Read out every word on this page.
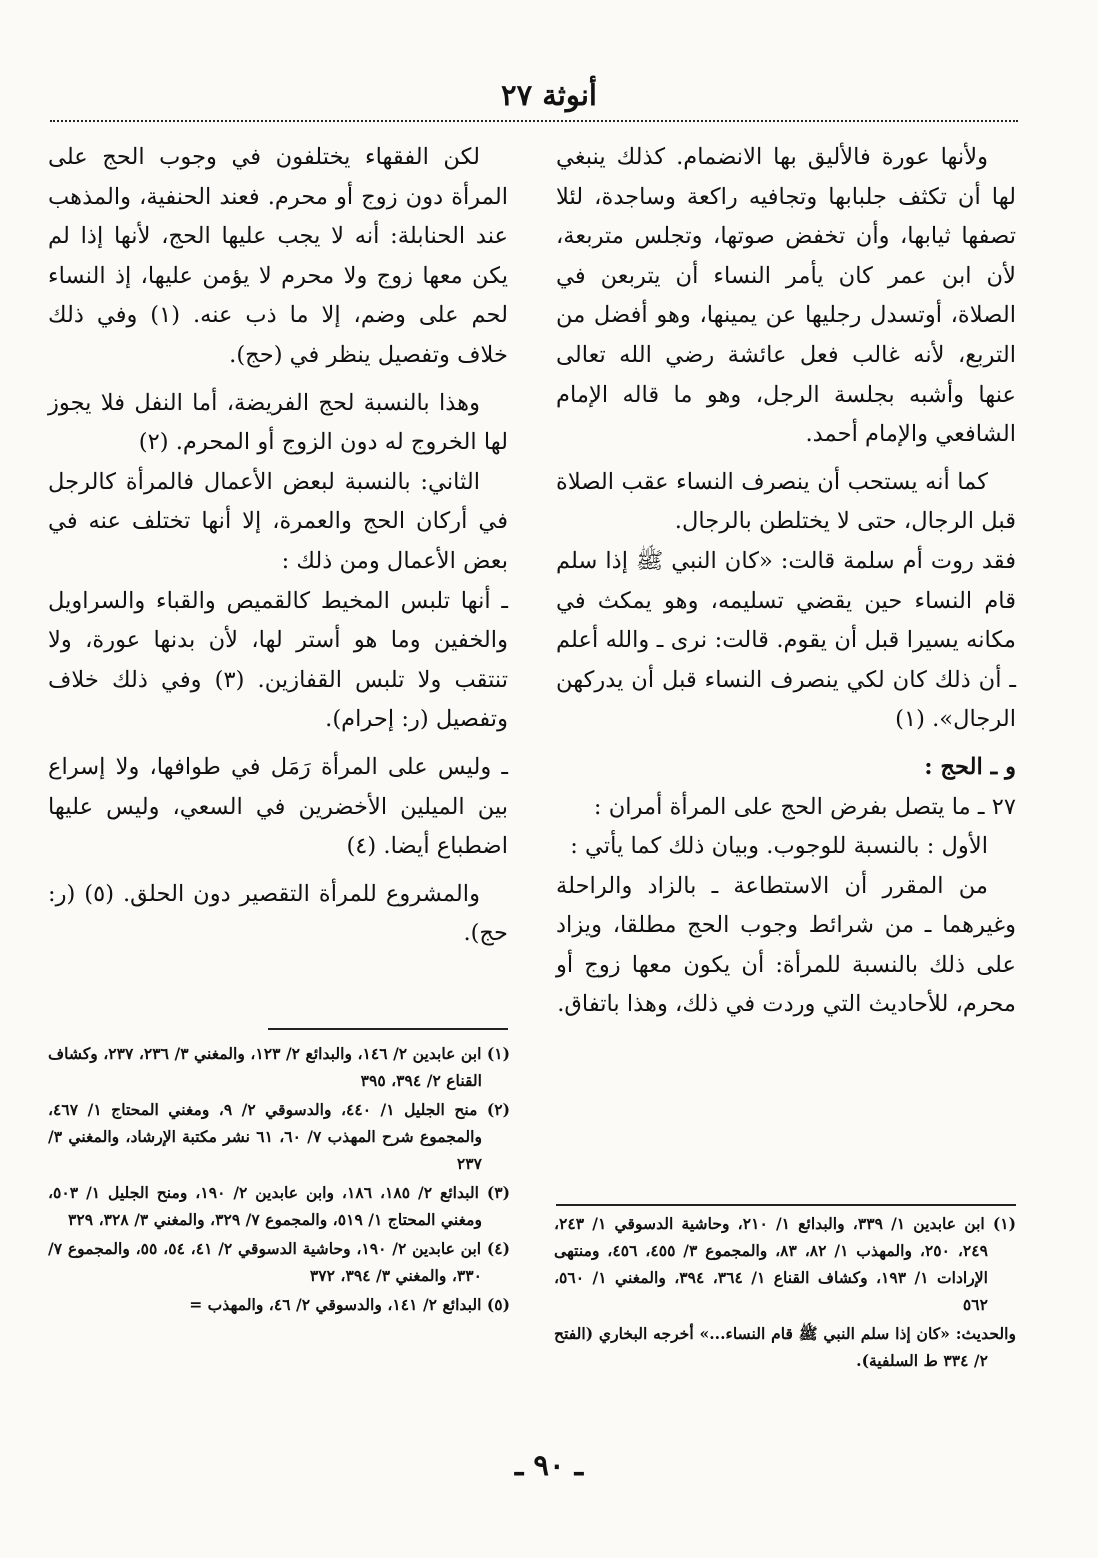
أنوثة ٢٧

ولأنها عورة فالأليق بها الانضمام. كذلك ينبغي لها أن تكثف جلبابها وتجافيه راكعة وساجدة، لئلا تصفها ثيابها، وأن تخفض صوتها، وتجلس متربعة، لأن ابن عمر كان يأمر النساء أن يتربعن في الصلاة، أوتسدل رجليها عن يمينها، وهو أفضل من التربع، لأنه غالب فعل عائشة رضي الله تعالى عنها وأشبه بجلسة الرجل، وهو ما قاله الإمام الشافعي والإمام أحمد.

كما أنه يستحب أن ينصرف النساء عقب الصلاة قبل الرجال، حتى لا يختلطن بالرجال.

فقد روت أم سلمة قالت: «كان النبي ﷺ إذا سلم قام النساء حين يقضي تسليمه، وهو يمكث في مكانه يسيرا قبل أن يقوم. قالت: نرى ـ والله أعلم ـ أن ذلك كان لكي ينصرف النساء قبل أن يدركهن الرجال». (١)

و ـ الحج :

٢٧ ـ ما يتصل بفرض الحج على المرأة أمران :

الأول : بالنسبة للوجوب. وبيان ذلك كما يأتي :

من المقرر أن الاستطاعة ـ بالزاد والراحلة وغيرهما ـ من شرائط وجوب الحج مطلقا، ويزاد على ذلك بالنسبة للمرأة: أن يكون معها زوج أو محرم، للأحاديث التي وردت في ذلك، وهذا باتفاق.

لكن الفقهاء يختلفون في وجوب الحج على المرأة دون زوج أو محرم. فعند الحنفية، والمذهب عند الحنابلة: أنه لا يجب عليها الحج، لأنها إذا لم يكن معها زوج ولا محرم لا يؤمن عليها، إذ النساء لحم على وضم، إلا ما ذب عنه. (١) وفي ذلك خلاف وتفصيل ينظر في (حج).

وهذا بالنسبة لحج الفريضة، أما النفل فلا يجوز لها الخروج له دون الزوج أو المحرم. (٢)

الثاني: بالنسبة لبعض الأعمال فالمرأة كالرجل في أركان الحج والعمرة، إلا أنها تختلف عنه في بعض الأعمال ومن ذلك :

ـ أنها تلبس المخيط كالقميص والقباء والسراويل والخفين وما هو أستر لها، لأن بدنها عورة، ولا تنتقب ولا تلبس القفازين. (٣) وفي ذلك خلاف وتفصيل (ر: إحرام).

ـ وليس على المرأة رَمَل في طوافها، ولا إسراع بين الميلين الأخضرين في السعي، وليس عليها اضطباع أيضا. (٤)

والمشروع للمرأة التقصير دون الحلق. (٥) (ر: حج).

(١) ابن عابدين ١/ ٣٣٩، والبدائع ١/ ٢١٠، وحاشية الدسوقي ١/ ٢٤٣، ٢٤٩، ٢٥٠، والمهذب ١/ ٨٢، ٨٣، والمجموع ٣/ ٤٥٥، ٤٥٦، ومنتهى الإرادات ١/ ١٩٣، وكشاف القناع ١/ ٣٦٤، ٣٩٤، والمغني ١/ ٥٦٠، ٥٦٢

والحديث: «كان إذا سلم النبي ﷺ قام النساء...» أخرجه البخاري (الفتح ٢/ ٣٣٤ ط السلفية).

(١) ابن عابدين ٢/ ١٤٦، والبدائع ٢/ ١٢٣، والمغني ٣/ ٢٣٦، ٢٣٧، وكشاف القناع ٢/ ٣٩٤، ٣٩٥

(٢) منح الجليل ١/ ٤٤٠، والدسوقي ٢/ ٩، ومغني المحتاج ١/ ٤٦٧، والمجموع شرح المهذب ٧/ ٦٠، ٦١ نشر مكتبة الإرشاد، والمغني ٣/ ٢٣٧

(٣) البدائع ٢/ ١٨٥، ١٨٦، وابن عابدين ٢/ ١٩٠، ومنح الجليل ١/ ٥٠٣، ومغني المحتاج ١/ ٥١٩، والمجموع ٧/ ٣٢٩، والمغني ٣/ ٣٢٨، ٣٢٩

(٤) ابن عابدين ٢/ ١٩٠، وحاشية الدسوقي ٢/ ٤١، ٥٤، ٥٥، والمجموع ٧/ ٣٣٠، والمغني ٣/ ٣٩٤، ٣٧٢

(٥) البدائع ٢/ ١٤١، والدسوقي ٢/ ٤٦، والمهذب =

ـ ٩٠ ـ
